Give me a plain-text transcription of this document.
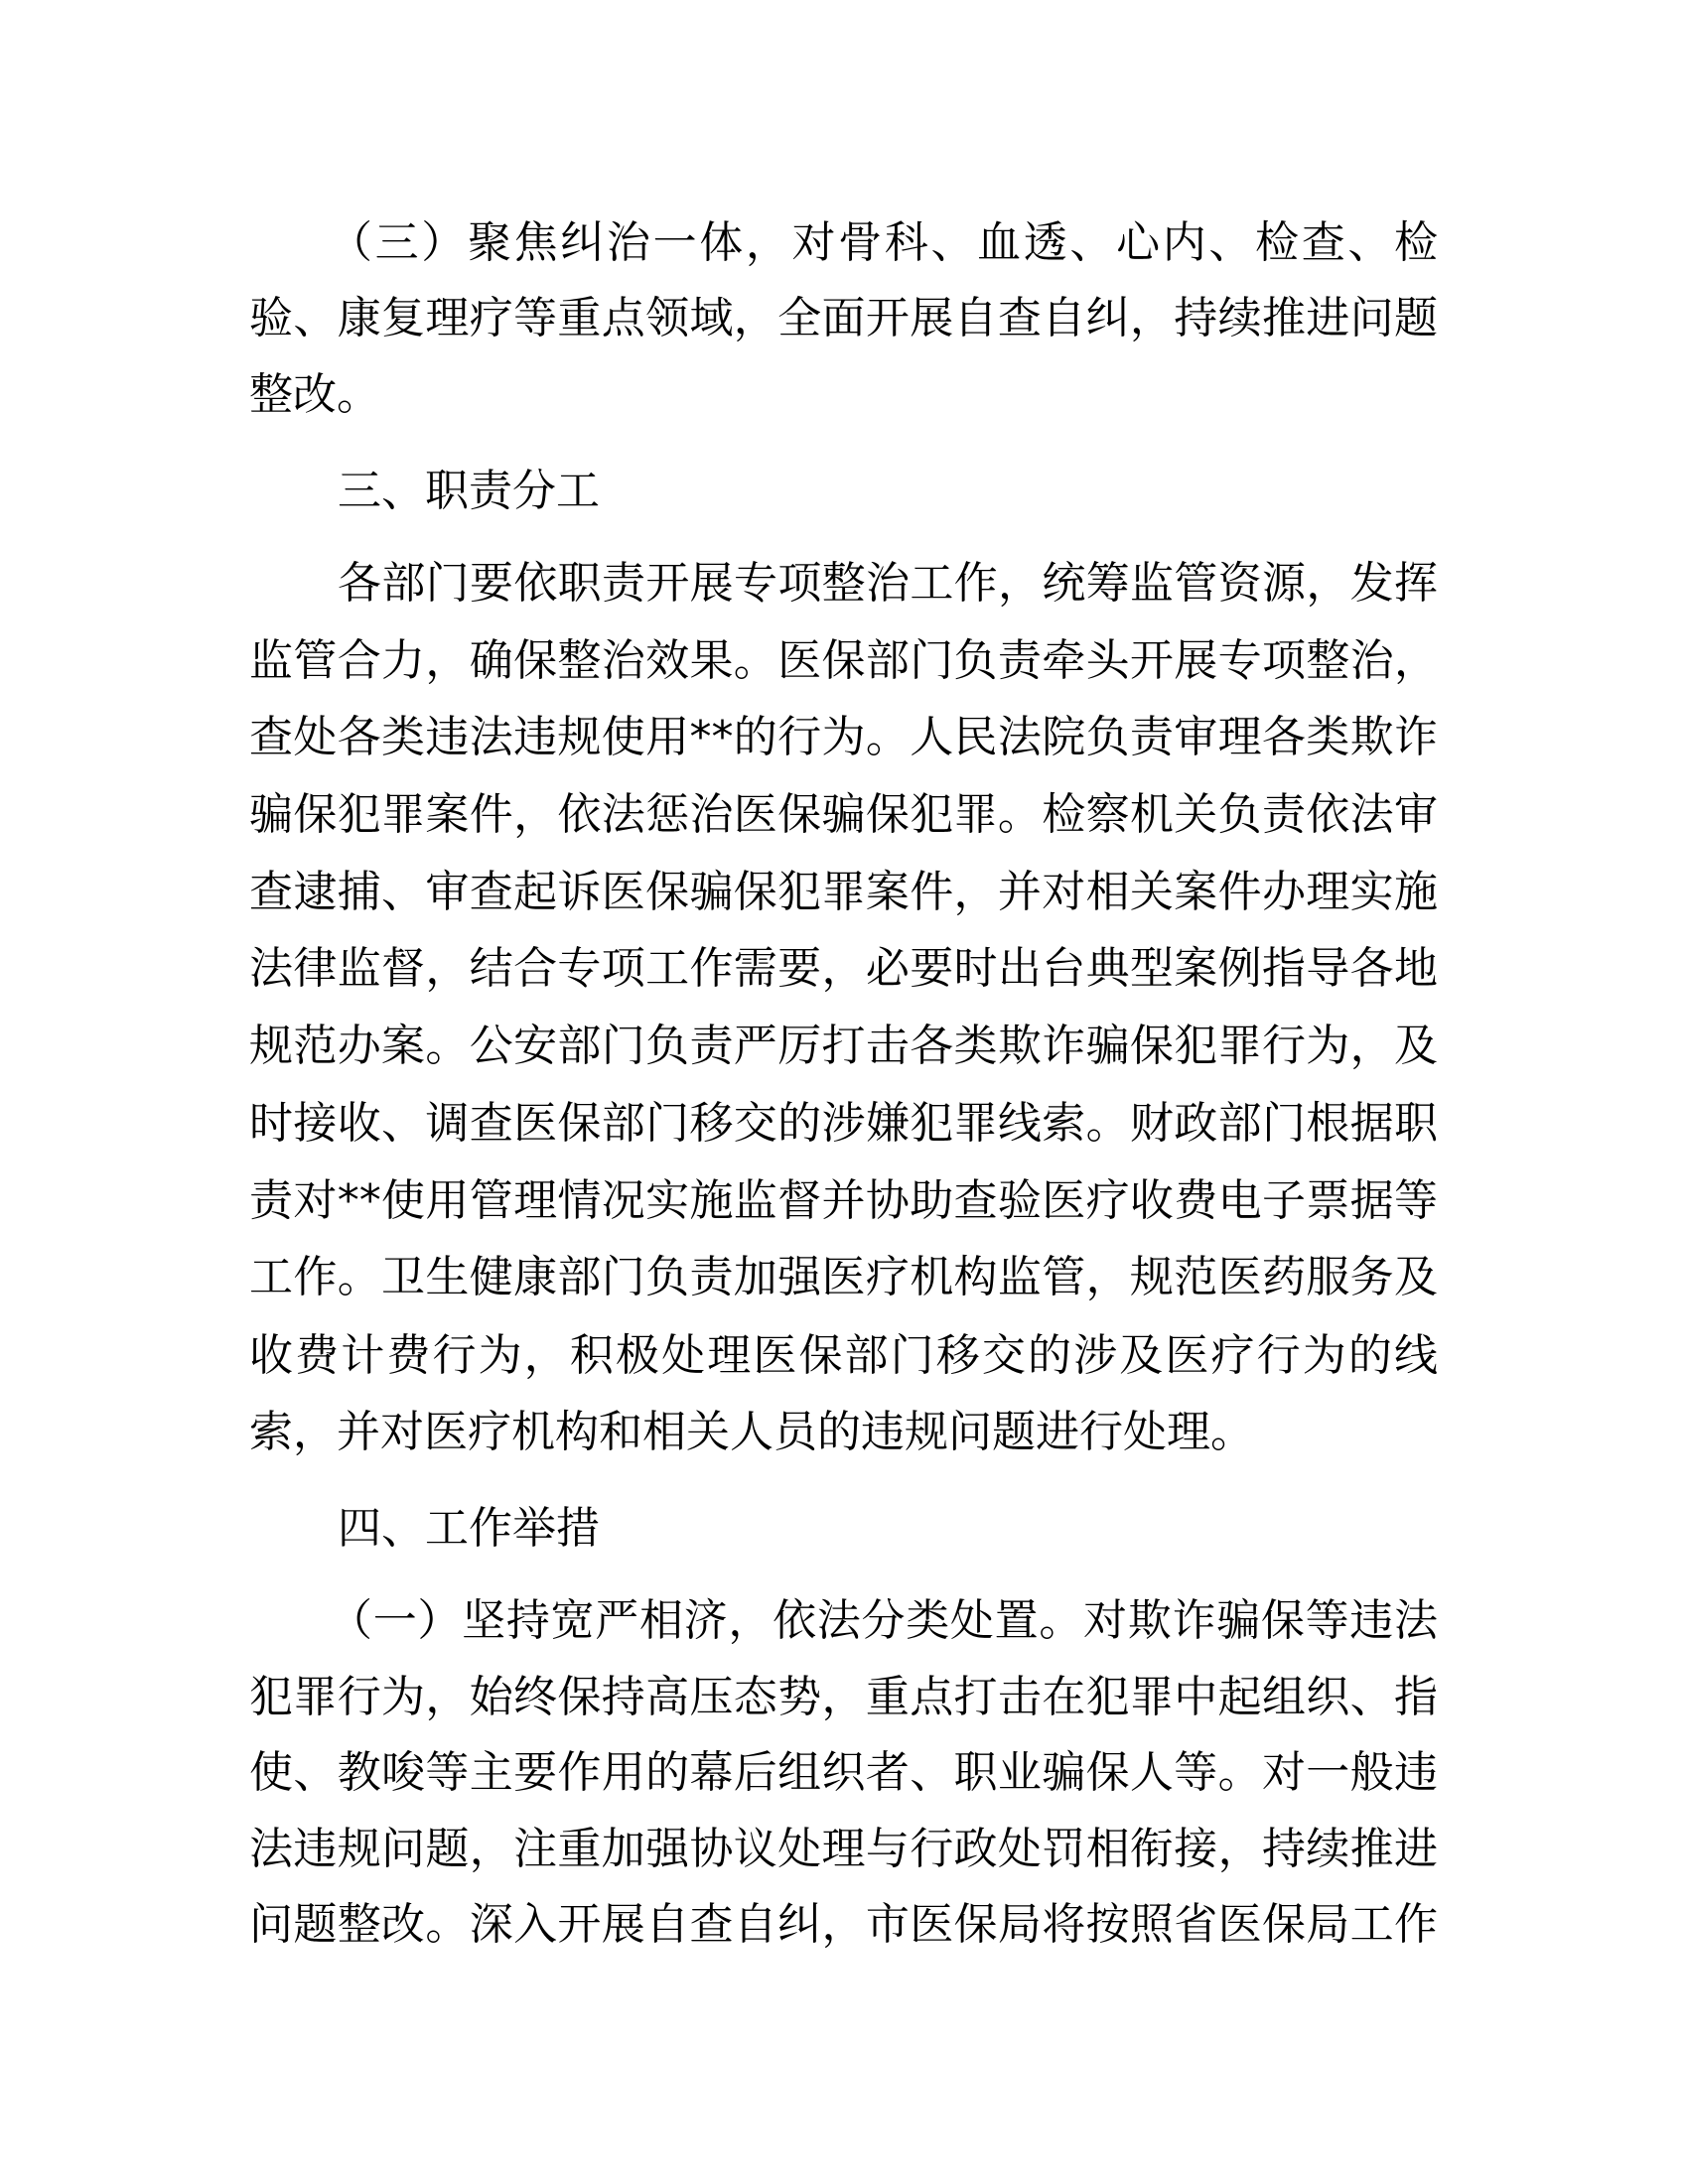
（三）聚焦纠治一体，对骨科、血透、心内、检查、检
验、康复理疗等重点领域，全面开展自查自纠，持续推进问题
整改。
三、职责分工
各部门要依职责开展专项整治工作，统筹监管资源，发挥
监管合力，确保整治效果。医保部门负责牵头开展专项整治，
查处各类违法违规使用**的行为。人民法院负责审理各类欺诈
骗保犯罪案件，依法惩治医保骗保犯罪。检察机关负责依法审
查逮捕、审查起诉医保骗保犯罪案件，并对相关案件办理实施
法律监督，结合专项工作需要，必要时出台典型案例指导各地
规范办案。公安部门负责严厉打击各类欺诈骗保犯罪行为，及
时接收、调查医保部门移交的涉嫌犯罪线索。财政部门根据职
责对**使用管理情况实施监督并协助查验医疗收费电子票据等
工作。卫生健康部门负责加强医疗机构监管，规范医药服务及
收费计费行为，积极处理医保部门移交的涉及医疗行为的线
索，并对医疗机构和相关人员的违规问题进行处理。
四、工作举措
（一）坚持宽严相济，依法分类处置。对欺诈骗保等违法
犯罪行为，始终保持高压态势，重点打击在犯罪中起组织、指
使、教唆等主要作用的幕后组织者、职业骗保人等。对一般违
法违规问题，注重加强协议处理与行政处罚相衔接，持续推进
问题整改。深入开展自查自纠，市医保局将按照省医保局工作
